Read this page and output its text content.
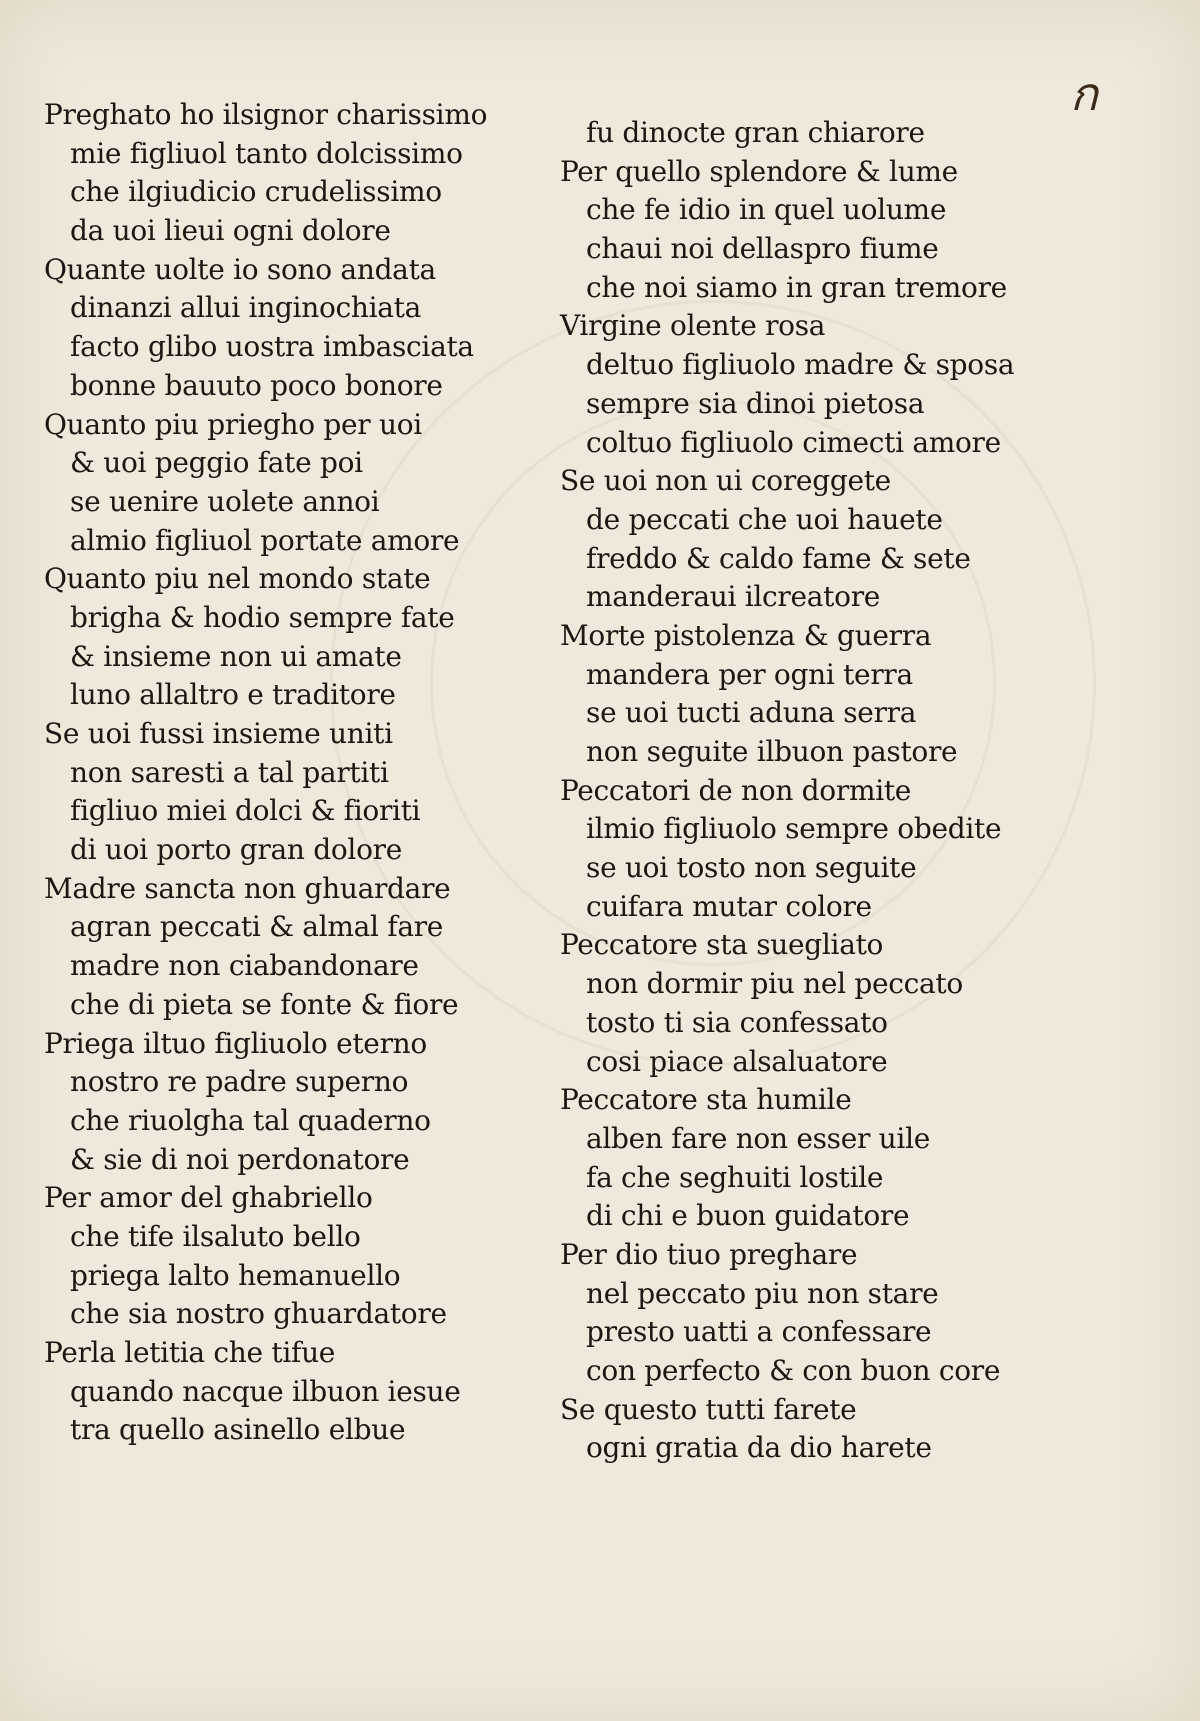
ก
Preghato ho ilsignor charissimo
mie figliuol tanto dolcissimo
che ilgiudicio crudelissimo
da uoi lieui ogni dolore
Quante uolte io sono andata
dinanzi allui inginochiata
facto glibo uostra imbasciata
bonne bauuto poco bonore
Quanto piu priegho per uoi
& uoi peggio fate poi
se uenire uolete annoi
almio figliuol portate amore
Quanto piu nel mondo state
brigha & hodio sempre fate
& insieme non ui amate
luno allaltro e traditore
Se uoi fussi insieme uniti
non saresti a tal partiti
figliuo miei dolci & fioriti
di uoi porto gran dolore
Madre sancta non ghuardare
agran peccati & almal fare
madre non ciabandonare
che di pieta se fonte & fiore
Priega iltuo figliuolo eterno
nostro re padre superno
che riuolgha tal quaderno
& sie di noi perdonatore
Per amor del ghabriello
che tife ilsaluto bello
priega lalto hemanuello
che sia nostro ghuardatore
Perla letitia che tifue
quando nacque ilbuon iesue
tra quello asinello elbue
fu dinocte gran chiarore
Per quello splendore & lume
che fe idio in quel uolume
chaui noi dellaspro fiume
che noi siamo in gran tremore
Virgine olente rosa
deltuo figliuolo madre & sposa
sempre sia dinoi pietosa
coltuo figliuolo cimecti amore
Se uoi non ui coreggete
de peccati che uoi hauete
freddo & caldo fame & sete
manderaui ilcreatore
Morte pistolenza & guerra
mandera per ogni terra
se uoi tucti aduna serra
non seguite ilbuon pastore
Peccatori de non dormite
ilmio figliuolo sempre obedite
se uoi tosto non seguite
cuifara mutar colore
Peccatore sta suegliato
non dormir piu nel peccato
tosto ti sia confessato
cosi piace alsaluatore
Peccatore sta humile
alben fare non esser uile
fa che seghuiti lostile
di chi e buon guidatore
Per dio tiuo preghare
nel peccato piu non stare
presto uatti a confessare
con perfecto & con buon core
Se questo tutti farete
ogni gratia da dio harete
